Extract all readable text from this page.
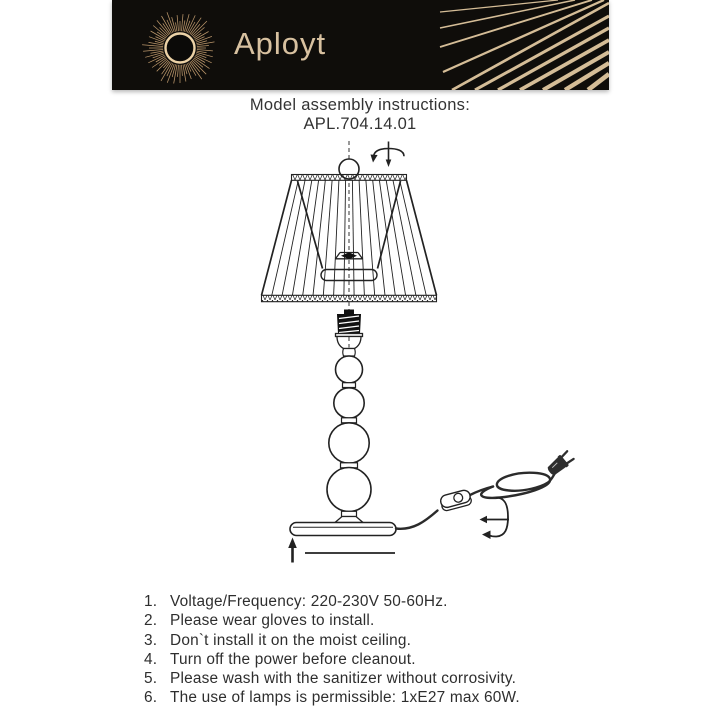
Aployt
Model assembly instructions:
APL.704.14.01
1. Voltage/Frequency: 220-230V 50-60Hz.
2. Please wear gloves to install.
3. Don`t install it on the moist ceiling.
4. Turn off the power before cleanout.
5. Please wash with the sanitizer without corrosivity.
6. The use of lamps is permissible: 1xE27 max 60W.
